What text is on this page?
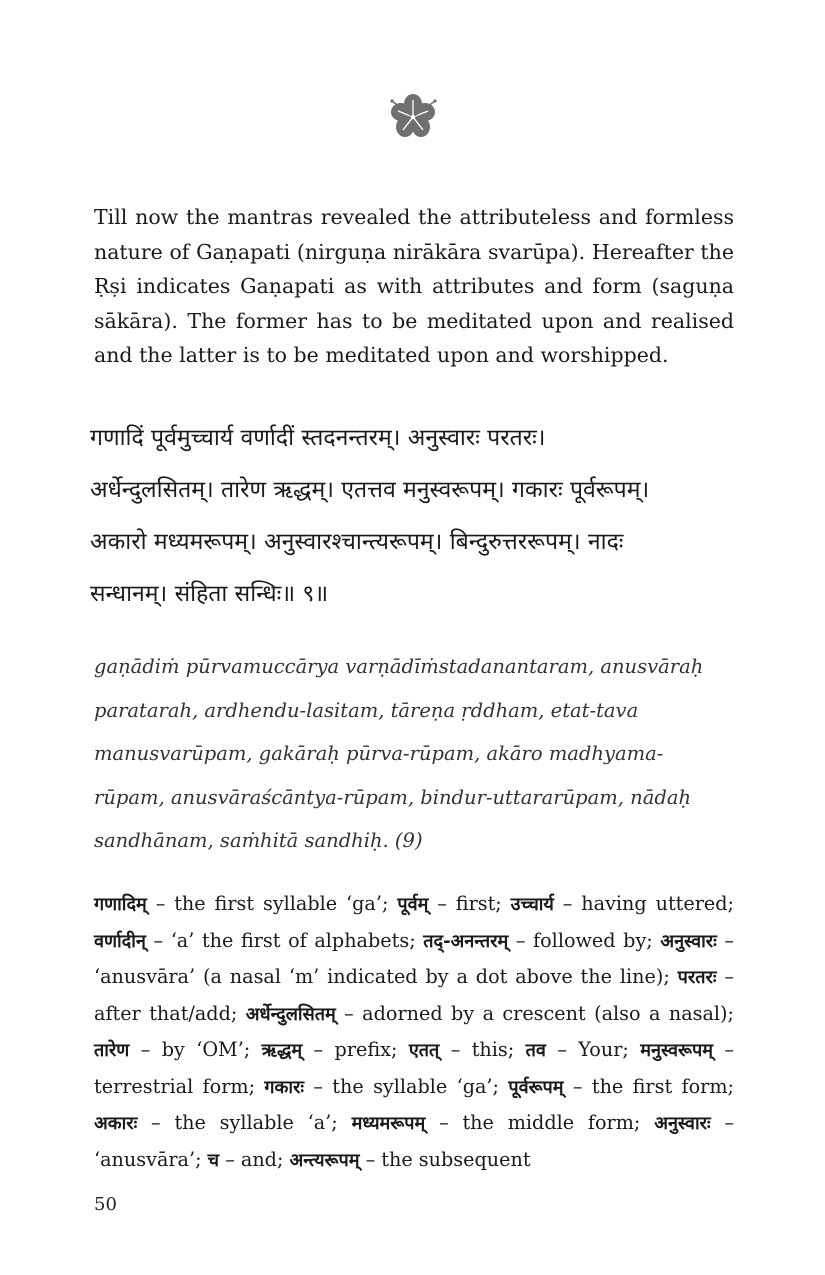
Till now the mantras revealed the attributeless and formless nature of Gaṇapati (nirguṇa nirākāra svarūpa). Hereafter the Ṛṣi indicates Gaṇapati as with attributes and form (saguṇa sākāra). The former has to be meditated upon and realised and the latter is to be meditated upon and worshipped.

गणादिं पूर्वमुच्चार्य वर्णादीं स्तदनन्तरम्। अनुस्वारः परतरः।
अर्धेन्दुलसितम्। तारेण ऋद्धम्। एतत्तव मनुस्वरूपम्। गकारः पूर्वरूपम्।
अकारो मध्यमरूपम्। अनुस्वारश्चान्त्यरूपम्। बिन्दुरुत्तररूपम्। नादः
सन्धानम्। संहिता सन्धिः॥ ९॥
gaṇādiṁ pūrvamuccārya varṇādīṁstadanantaram, anusvāraḥ
paratarah, ardhendu-lasitam, tāreṇa ṛddham, etat-tava
manusvarūpam, gakāraḥ pūrva-rūpam, akāro madhyama-
rūpam, anusvāraścāntya-rūpam, bindur-uttararūpam, nādaḥ
sandhānam, saṁhitā sandhiḥ. (9)

गणादिम् – the first syllable ‘ga’; पूर्वम् – first; उच्चार्य – having uttered; वर्णादीन् – ‘a’ the first of alphabets; तद्-अनन्तरम् – followed by; अनुस्वारः – ‘anusvāra’ (a nasal ‘m’ indicated by a dot above the line); परतरः – after that/add; अर्धेन्दुलसितम् – adorned by a crescent (also a nasal); तारेण – by ‘OM’; ऋद्धम् – prefix; एतत् – this; तव – Your; मनुस्वरूपम् – terrestrial form; गकारः – the syllable ‘ga’; पूर्वरूपम् – the first form; अकारः – the syllable ‘a’; मध्यमरूपम् – the middle form; अनुस्वारः – ‘anusvāra’; च – and; अन्त्यरूपम् – the subsequent

50
